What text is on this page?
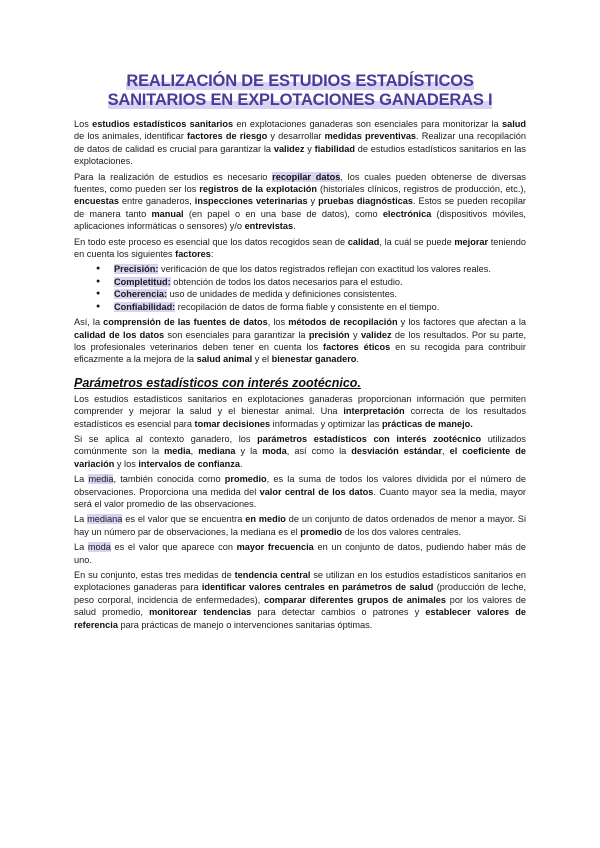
REALIZACIÓN DE ESTUDIOS ESTADÍSTICOS
SANITARIOS EN EXPLOTACIONES GANADERAS I

Los estudios estadísticos sanitarios en explotaciones ganaderas son esenciales para monitorizar la salud de los animales, identificar factores de riesgo y desarrollar medidas preventivas. Realizar una recopilación de datos de calidad es crucial para garantizar la validez y fiabilidad de estudios estadísticos sanitarios en las explotaciones.

Para la realización de estudios es necesario recopilar datos, los cuales pueden obtenerse de diversas fuentes, como pueden ser los registros de la explotación (historiales clínicos, registros de producción, etc.), encuestas entre ganaderos, inspecciones veterinarias y pruebas diagnósticas. Estos se pueden recopilar de manera tanto manual (en papel o en una base de datos), como electrónica (dispositivos móviles, aplicaciones informáticas o sensores) y/o entrevistas.

En todo este proceso es esencial que los datos recogidos sean de calidad, la cuál se puede mejorar teniendo en cuenta los siguientes factores:

● Precisión: verificación de que los datos registrados reflejan con exactitud los valores reales.
● Completitud: obtención de todos los datos necesarios para el estudio.
● Coherencia: uso de unidades de medida y definiciones consistentes.
● Confiabilidad: recopilación de datos de forma fiable y consistente en el tiempo.

Así, la comprensión de las fuentes de datos, los métodos de recopilación y los factores que afectan a la calidad de los datos son esenciales para garantizar la precisión y validez de los resultados. Por su parte, los profesionales veterinarios deben tener en cuenta los factores éticos en su recogida para contribuir eficazmente a la mejora de la salud animal y el bienestar ganadero.

Parámetros estadísticos con interés zootécnico.

Los estudios estadísticos sanitarios en explotaciones ganaderas proporcionan información que permiten comprender y mejorar la salud y el bienestar animal. Una interpretación correcta de los resultados estadísticos es esencial para tomar decisiones informadas y optimizar las prácticas de manejo.

Si se aplica al contexto ganadero, los parámetros estadísticos con interés zootécnico utilizados comúnmente son la media, mediana y la moda, así como la desviación estándar, el coeficiente de variación y los intervalos de confianza.

La media, también conocida como promedio, es la suma de todos los valores dividida por el número de observaciones. Proporciona una medida del valor central de los datos. Cuanto mayor sea la media, mayor será el valor promedio de las observaciones.

La mediana es el valor que se encuentra en medio de un conjunto de datos ordenados de menor a mayor. Si hay un número par de observaciones, la mediana es el promedio de los dos valores centrales.

La moda es el valor que aparece con mayor frecuencia en un conjunto de datos, pudiendo haber más de uno.

En su conjunto, estas tres medidas de tendencia central se utilizan en los estudios estadísticos sanitarios en explotaciones ganaderas para identificar valores centrales en parámetros de salud (producción de leche, peso corporal, incidencia de enfermedades), comparar diferentes grupos de animales por los valores de salud promedio, monitorear tendencias para detectar cambios o patrones y establecer valores de referencia para prácticas de manejo o intervenciones sanitarias óptimas.
